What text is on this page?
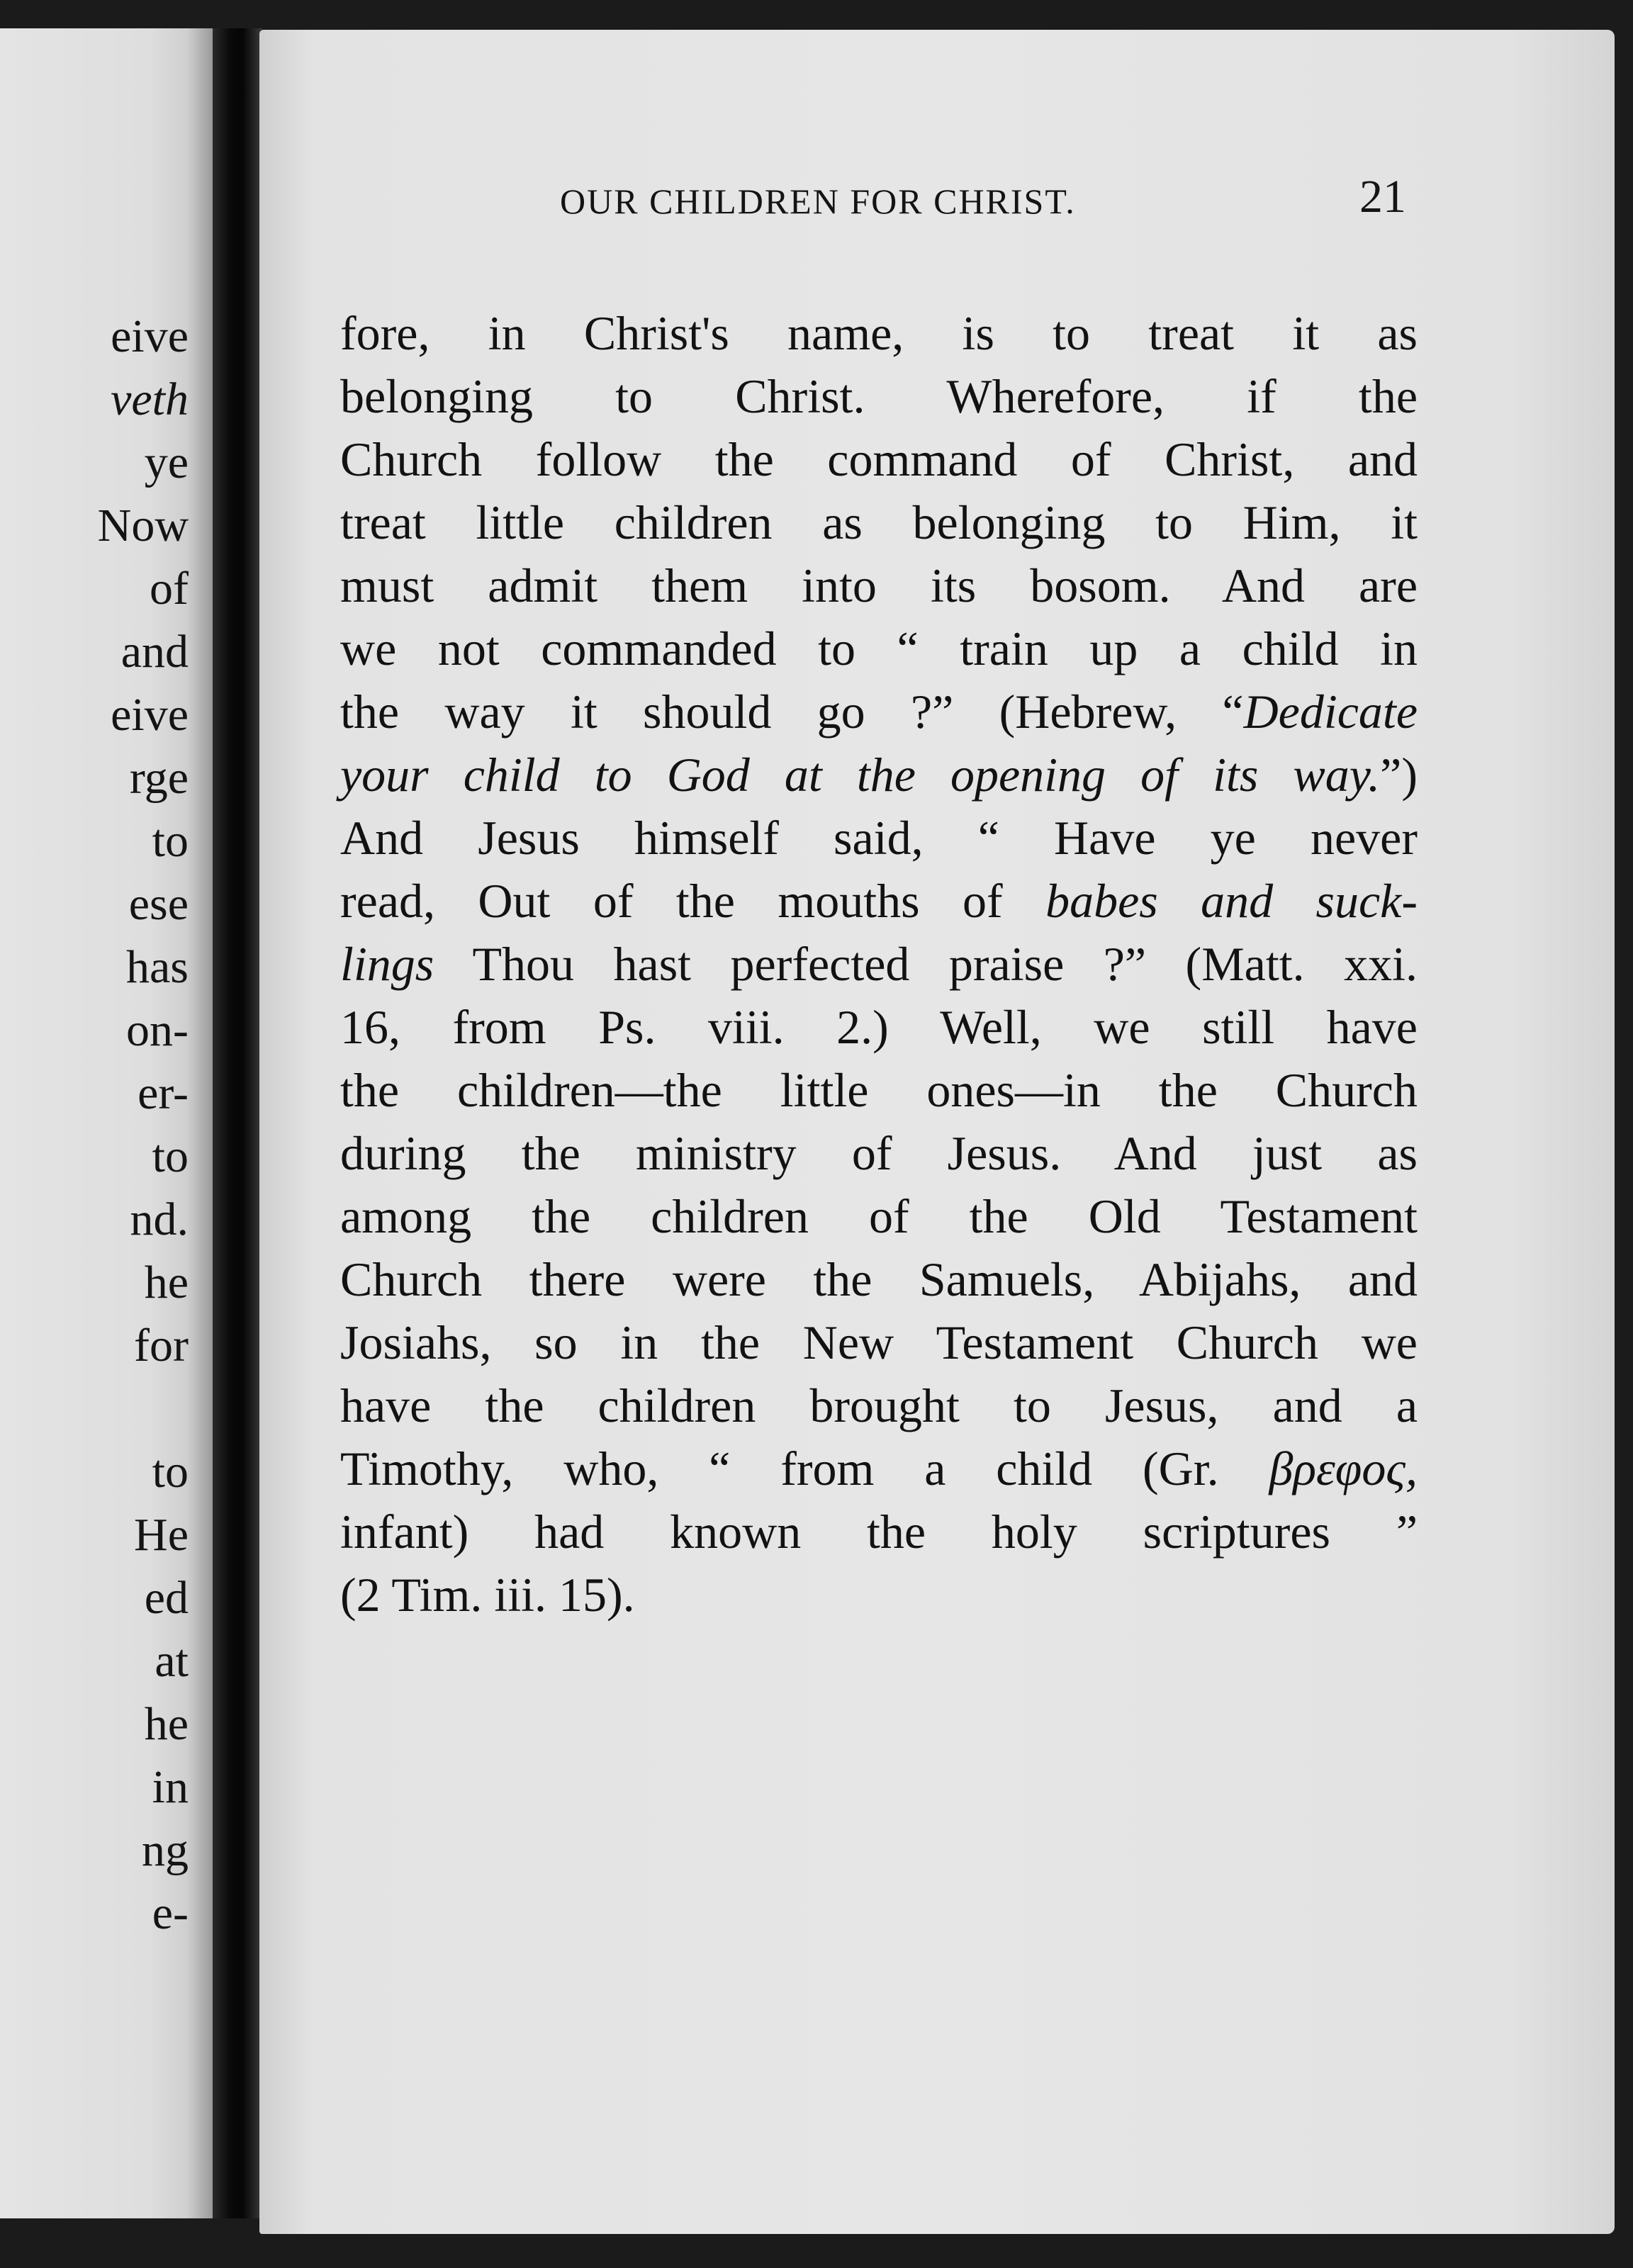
eive
veth
ye
Now
of
and
eive
rge
to
ese
has
on-
er-
to
nd.
he
for
to
He
ed
at
he
in
ng
e-
OUR CHILDREN FOR CHRIST.	21
fore, in Christ's name, is to treat it as
belonging to Christ. Wherefore, if the
Church follow the command of Christ, and
treat little children as belonging to Him, it
must admit them into its bosom. And are
we not commanded to “ train up a child in
the way it should go ?” (Hebrew, “Dedicate
your child to God at the opening of its way.”)
And Jesus himself said, “ Have ye never
read, Out of the mouths of babes and suck-
lings Thou hast perfected praise ?” (Matt. xxi.
16, from Ps. viii. 2.) Well, we still have
the children—the little ones—in the Church
during the ministry of Jesus. And just as
among the children of the Old Testament
Church there were the Samuels, Abijahs, and
Josiahs, so in the New Testament Church we
have the children brought to Jesus, and a
Timothy, who, “ from a child (Gr. βρεφος,
infant) had known the holy scriptures ”
(2 Tim. iii. 15).
